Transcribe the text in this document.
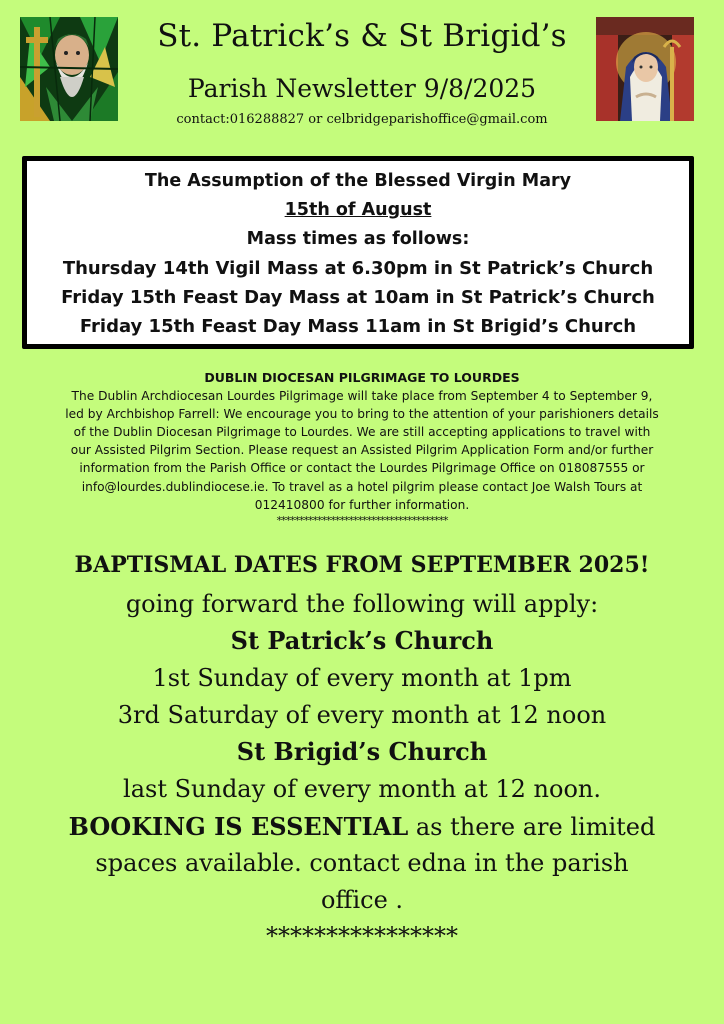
St. Patrick’s & St Brigid’s
Parish Newsletter 9/8/2025
contact:016288827 or celbridgeparishoffice@gmail.com
The Assumption of the Blessed Virgin Mary
15th of August
Mass times as follows:
Thursday 14th Vigil Mass at 6.30pm in St Patrick’s Church
Friday 15th Feast Day Mass at 10am in St Patrick’s Church
Friday 15th Feast Day Mass 11am in St Brigid’s Church
DUBLIN DIOCESAN PILGRIMAGE TO LOURDES
The Dublin Archdiocesan Lourdes Pilgrimage will take place from September 4 to September 9,
led by Archbishop Farrell: We encourage you to bring to the attention of your parishioners details
of the Dublin Diocesan Pilgrimage to Lourdes. We are still accepting applications to travel with
our Assisted Pilgrim Section. Please request an Assisted Pilgrim Application Form and/or further
information from the Parish Office or contact the Lourdes Pilgrimage Office on 018087555 or
info@lourdes.dublindiocese.ie. To travel as a hotel pilgrim please contact Joe Walsh Tours at
012410800 for further information.
**************************************
BAPTISMAL DATES FROM SEPTEMBER 2025!
going forward the following will apply:
St Patrick’s Church
1st Sunday of every month at 1pm
3rd Saturday of every month at 12 noon
St Brigid’s Church
last Sunday of every month at 12 noon.
BOOKING IS ESSENTIAL as there are limited
spaces available. contact edna in the parish
office .
****************
